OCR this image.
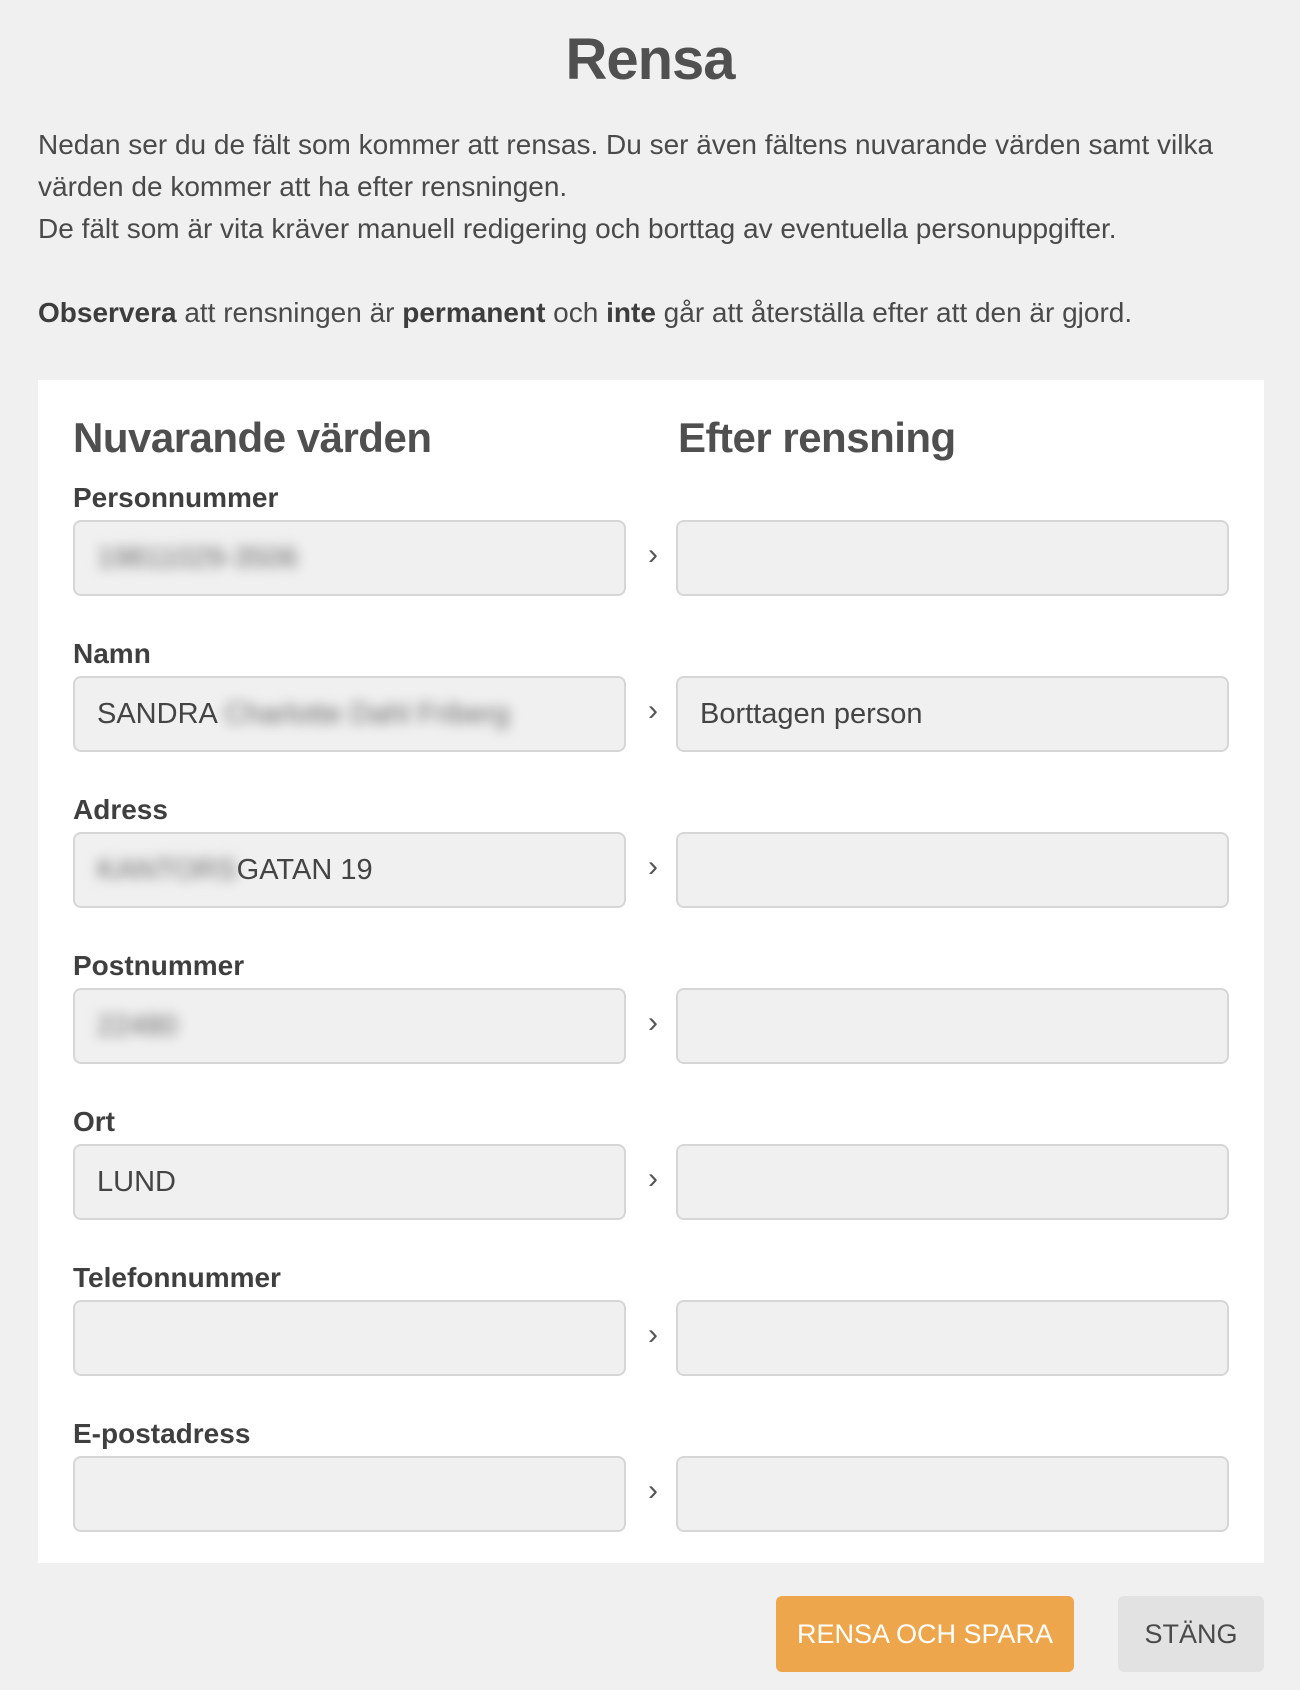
Rensa

Nedan ser du de fält som kommer att rensas. Du ser även fältens nuvarande värden samt vilka värden de kommer att ha efter rensningen.

De fält som är vita kräver manuell redigering och borttag av eventuella personuppgifter.

Observera att rensningen är permanent och inte går att återställa efter att den är gjord.

Nuvarande värden	Efter rensning
Personnummer
19811029-3506	›
Namn
SANDRA Charlotte Dahl Friberg	›	Borttagen person
Adress
KANTORSGATAN 19	›
Postnummer
22480	›
Ort
LUND	›
Telefonnummer
›
E-postadress
›
RENSA OCH SPARA	STÄNG
